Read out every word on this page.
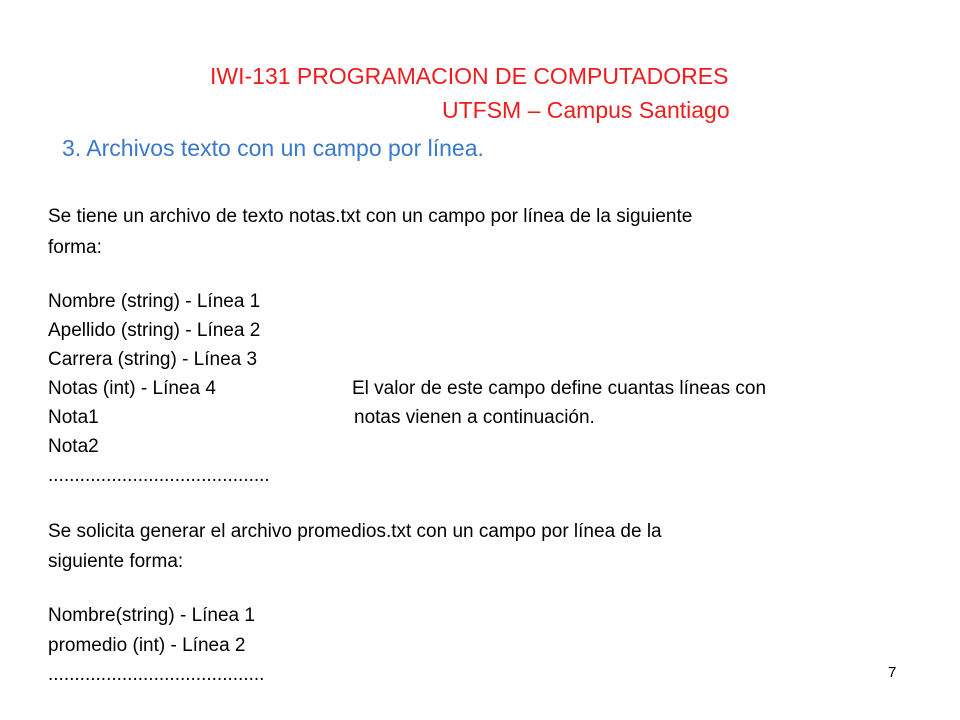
IWI-131 PROGRAMACION DE COMPUTADORES
UTFSM – Campus Santiago
3. Archivos texto con un campo por línea.
Se tiene un archivo de texto notas.txt con un campo por línea de la siguiente
forma:
Nombre (string) - Línea 1
Apellido (string) - Línea 2
Carrera (string) - Línea 3
Notas (int) - Línea 4
Nota1
Nota2
..........................................
El valor de este campo define cuantas líneas con
notas vienen a continuación.
Se solicita generar el archivo promedios.txt con un campo por línea de la
siguiente forma:
Nombre(string) - Línea 1
promedio (int) - Línea 2
.........................................	7
